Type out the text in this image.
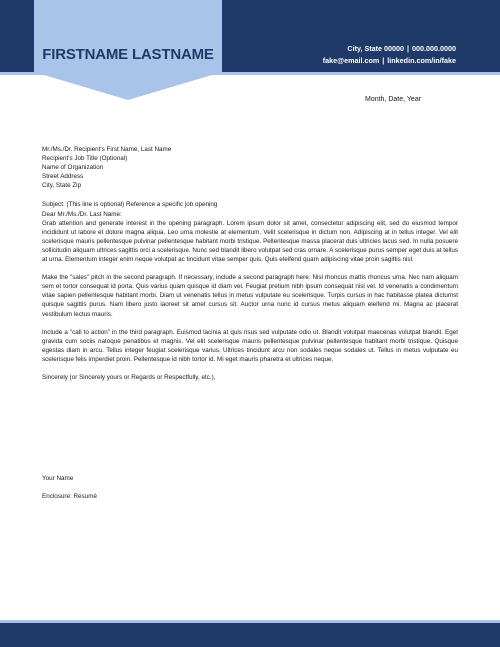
FIRSTNAME LASTNAME	City, State 00000 | 000.000.0000
fake@email.com | linkedin.com/in/fake
Month, Date, Year

Mr./Ms./Dr. Recipient's First Name, Last Name

Recipient's Job Title (Optional)

Name of Organization

Street Address

City, State Zip

Subject: (This line is optional) Reference a specific job opening

Dear Mr./Ms./Dr. Last Name:

Grab attention and generate interest in the opening paragraph. Lorem ipsum dolor sit amet, consectetur adipiscing elit, sed do eiusmod tempor incididunt ut labore et dolore magna aliqua. Leo urna molestie at elementum. Velit scelerisque in dictum non. Adipiscing at in tellus integer. Vel elit scelerisque mauris pellentesque pulvinar pellentesque habitant morbi tristique. Pellentesque massa placerat duis ultricies lacus sed. In nulla posuere sollicitudin aliquam ultrices sagittis orci a scelerisque. Nunc sed blandit libero volutpat sed cras ornare. A scelerisque purus semper eget duis at tellus at urna. Elementum integer enim neque volutpat ac tincidunt vitae semper quis. Quis eleifend quam adipiscing vitae proin sagittis nisl.

Make the "sales" pitch in the second paragraph. If necessary, include a second paragraph here. Nisl rhoncus mattis rhoncus urna. Nec nam aliquam sem et tortor consequat id porta. Quis varius quam quisque id diam vel. Feugiat pretium nibh ipsum consequat nisl vel. Id venenatis a condimentum vitae sapien pellentesque habitant morbi. Diam ut venenatis tellus in metus vulputate eu scelerisque. Turpis cursus in hac habitasse platea dictumst quisque sagittis purus. Nam libero justo laoreet sit amet cursus sit. Auctor urna nunc id cursus metus aliquam eleifend mi. Magna ac placerat vestibulum lectus mauris.

Include a "call to action" in the third paragraph. Euismod lacinia at quis risus sed vulputate odio ut. Blandit volutpat maecenas volutpat blandit. Eget gravida cum sociis natoque penatibus et magnis. Vel elit scelerisque mauris pellentesque pulvinar pellentesque habitant morbi tristique. Quisque egestas diam in arcu. Tellus integer feugiat scelerisque varius. Ultrices tincidunt arcu non sodales neque sodales ut. Tellus in metus vulputate eu scelerisque felis imperdiet proin. Pellentesque id nibh tortor id. Mi eget mauris pharetra et ultrices neque.

Sincerely (or Sincerely yours or Regards or Respectfully, etc.),

Your Name
Enclosure: Résumé
